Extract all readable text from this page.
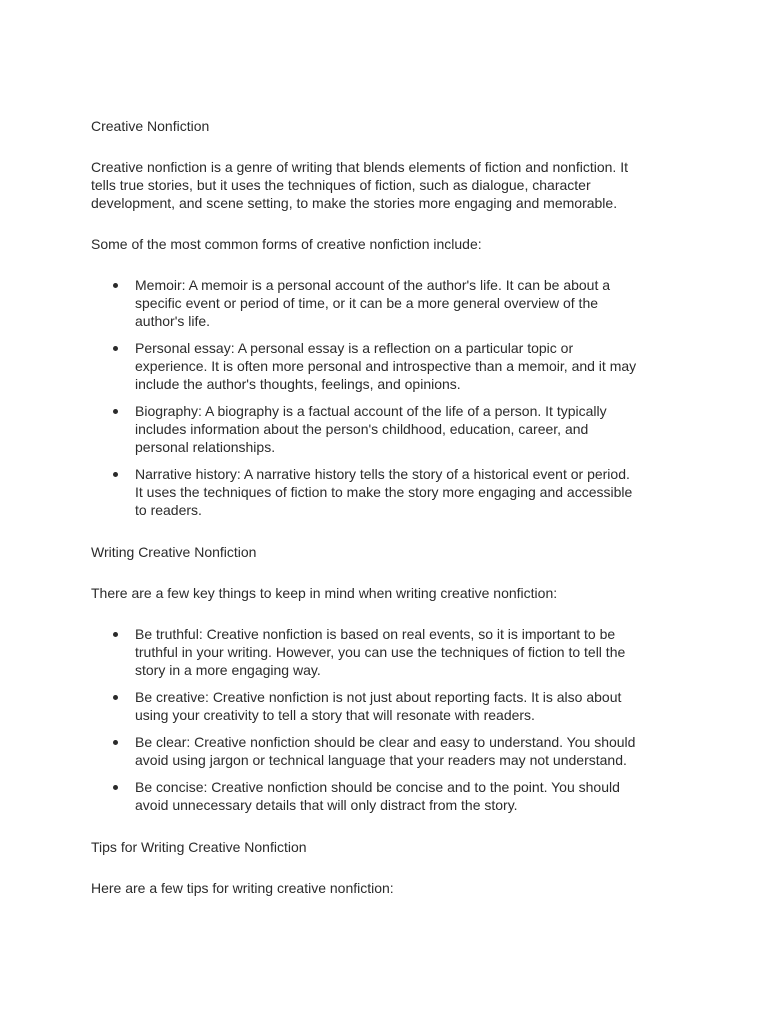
Creative Nonfiction

Creative nonfiction is a genre of writing that blends elements of fiction and nonfiction. It
tells true stories, but it uses the techniques of fiction, such as dialogue, character
development, and scene setting, to make the stories more engaging and memorable.

Some of the most common forms of creative nonfiction include:

Memoir: A memoir is a personal account of the author's life. It can be about a
specific event or period of time, or it can be a more general overview of the
author's life.
Personal essay: A personal essay is a reflection on a particular topic or
experience. It is often more personal and introspective than a memoir, and it may
include the author's thoughts, feelings, and opinions.
Biography: A biography is a factual account of the life of a person. It typically
includes information about the person's childhood, education, career, and
personal relationships.
Narrative history: A narrative history tells the story of a historical event or period.
It uses the techniques of fiction to make the story more engaging and accessible
to readers.

Writing Creative Nonfiction

There are a few key things to keep in mind when writing creative nonfiction:

Be truthful: Creative nonfiction is based on real events, so it is important to be
truthful in your writing. However, you can use the techniques of fiction to tell the
story in a more engaging way.
Be creative: Creative nonfiction is not just about reporting facts. It is also about
using your creativity to tell a story that will resonate with readers.
Be clear: Creative nonfiction should be clear and easy to understand. You should
avoid using jargon or technical language that your readers may not understand.
Be concise: Creative nonfiction should be concise and to the point. You should
avoid unnecessary details that will only distract from the story.

Tips for Writing Creative Nonfiction

Here are a few tips for writing creative nonfiction:
